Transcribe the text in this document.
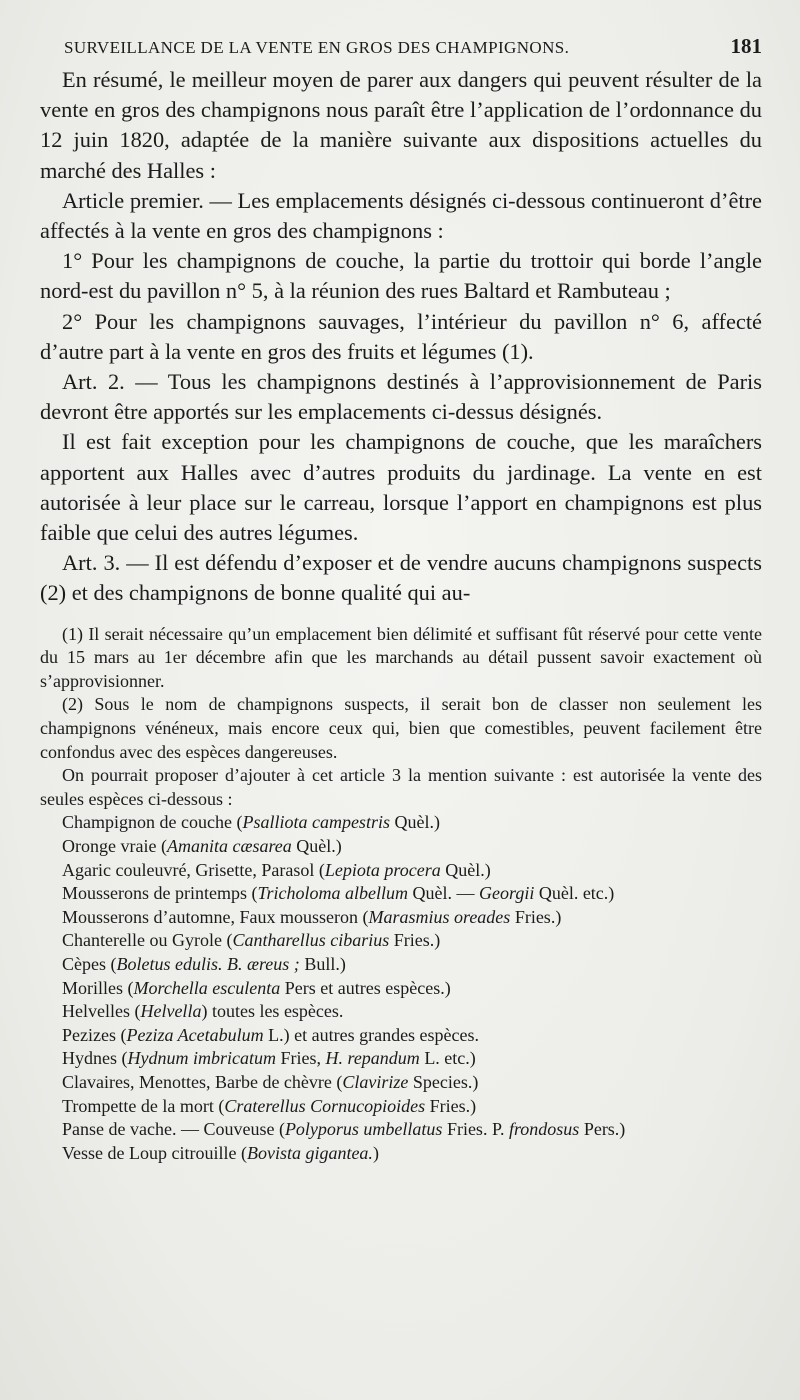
SURVEILLANCE DE LA VENTE EN GROS DES CHAMPIGNONS.	181

En résumé, le meilleur moyen de parer aux dangers qui peuvent résulter de la vente en gros des champignons nous paraît être l’application de l’ordonnance du 12 juin 1820, adaptée de la manière suivante aux dispositions actuelles du marché des Halles :

Article premier. — Les emplacements désignés ci-dessous continueront d’être affectés à la vente en gros des champignons :

1° Pour les champignons de couche, la partie du trottoir qui borde l’angle nord-est du pavillon n° 5, à la réunion des rues Baltard et Rambuteau ;

2° Pour les champignons sauvages, l’intérieur du pavillon n° 6, affecté d’autre part à la vente en gros des fruits et légumes (1).

Art. 2. — Tous les champignons destinés à l’approvisionnement de Paris devront être apportés sur les emplacements ci-dessus désignés.

Il est fait exception pour les champignons de couche, que les maraîchers apportent aux Halles avec d’autres produits du jardinage. La vente en est autorisée à leur place sur le carreau, lorsque l’apport en champignons est plus faible que celui des autres légumes.

Art. 3. — Il est défendu d’exposer et de vendre aucuns champignons suspects (2) et des champignons de bonne qualité qui au-

(1) Il serait nécessaire qu’un emplacement bien délimité et suffisant fût réservé pour cette vente du 15 mars au 1er décembre afin que les marchands au détail pussent savoir exactement où s’approvisionner.

(2) Sous le nom de champignons suspects, il serait bon de classer non seulement les champignons vénéneux, mais encore ceux qui, bien que comestibles, peuvent facilement être confondus avec des espèces dangereuses.

On pourrait proposer d’ajouter à cet article 3 la mention suivante : est autorisée la vente des seules espèces ci-dessous :

Champignon de couche (Psalliota campestris Quèl.)
Oronge vraie (Amanita cæsarea Quèl.)
Agaric couleuvré, Grisette, Parasol (Lepiota procera Quèl.)
Mousserons de printemps (Tricholoma albellum Quèl. — Georgii Quèl. etc.)
Mousserons d’automne, Faux mousseron (Marasmius oreades Fries.)
Chanterelle ou Gyrole (Cantharellus cibarius Fries.)
Cèpes (Boletus edulis. B. æreus ; Bull.)
Morilles (Morchella esculenta Pers et autres espèces.)
Helvelles (Helvella) toutes les espèces.
Pezizes (Peziza Acetabulum L.) et autres grandes espèces.
Hydnes (Hydnum imbricatum Fries, H. repandum L. etc.)
Clavaires, Menottes, Barbe de chèvre (Clavirize Species.)
Trompette de la mort (Craterellus Cornucopioides Fries.)
Panse de vache. — Couveuse (Polyporus umbellatus Fries. P. frondosus Pers.)
Vesse de Loup citrouille (Bovista gigantea.)
